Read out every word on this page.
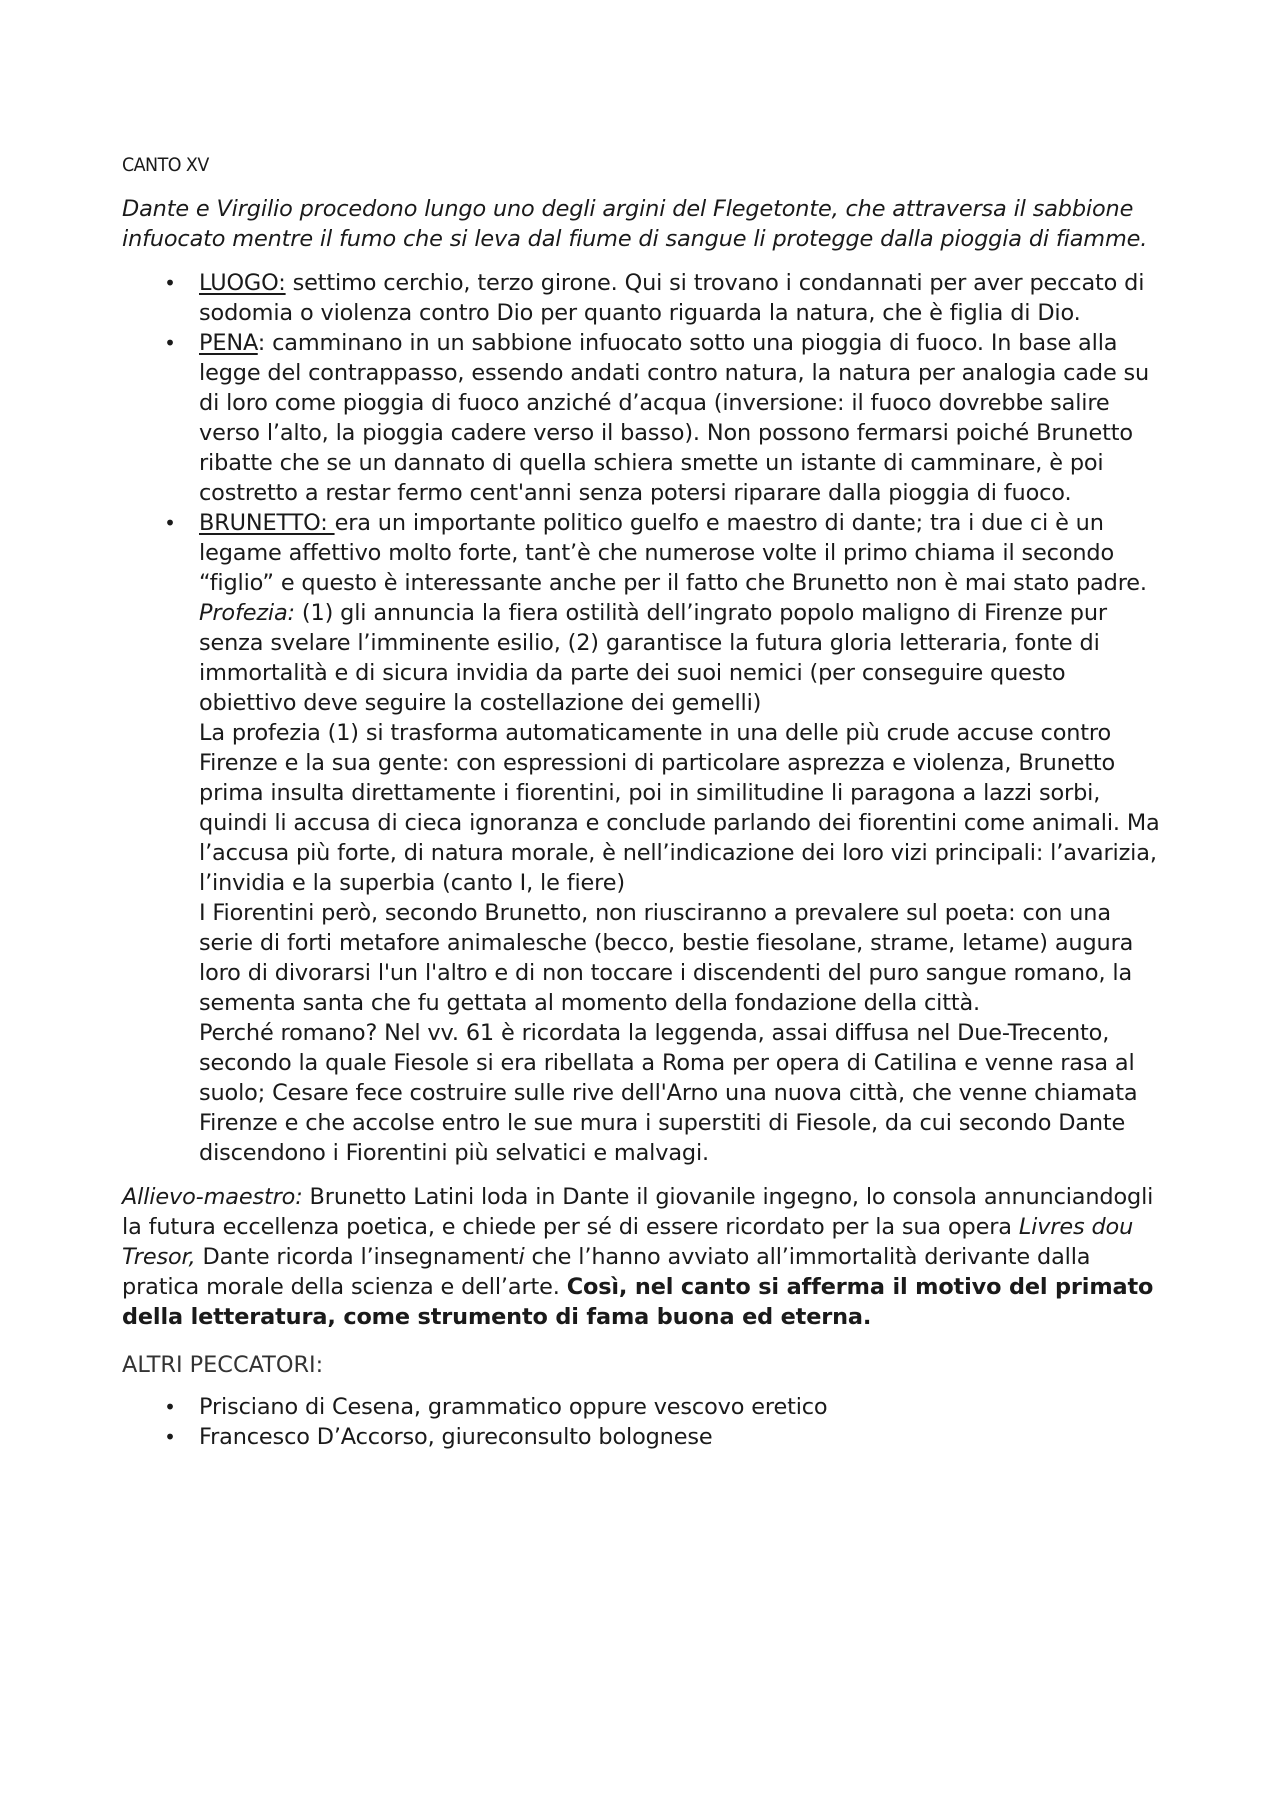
CANTO XV

Dante e Virgilio procedono lungo uno degli argini del Flegetonte, che attraversa il sabbione infuocato mentre il fumo che si leva dal fiume di sangue li protegge dalla pioggia di fiamme.

• LUOGO: settimo cerchio, terzo girone. Qui si trovano i condannati per aver peccato di sodomia o violenza contro Dio per quanto riguarda la natura, che è figlia di Dio.
• PENA: camminano in un sabbione infuocato sotto una pioggia di fuoco. In base alla legge del contrappasso, essendo andati contro natura, la natura per analogia cade su di loro come pioggia di fuoco anziché d’acqua (inversione: il fuoco dovrebbe salire verso l’alto, la pioggia cadere verso il basso). Non possono fermarsi poiché Brunetto ribatte che se un dannato di quella schiera smette un istante di camminare, è poi costretto a restar fermo cent'anni senza potersi riparare dalla pioggia di fuoco.
• BRUNETTO: era un importante politico guelfo e maestro di dante; tra i due ci è un legame affettivo molto forte, tant’è che numerose volte il primo chiama il secondo “figlio” e questo è interessante anche per il fatto che Brunetto non è mai stato padre.
Profezia: (1) gli annuncia la fiera ostilità dell’ingrato popolo maligno di Firenze pur senza svelare l’imminente esilio, (2) garantisce la futura gloria letteraria, fonte di immortalità e di sicura invidia da parte dei suoi nemici (per conseguire questo obiettivo deve seguire la costellazione dei gemelli)
La profezia (1) si trasforma automaticamente in una delle più crude accuse contro Firenze e la sua gente: con espressioni di particolare asprezza e violenza, Brunetto prima insulta direttamente i fiorentini, poi in similitudine li paragona a lazzi sorbi, quindi li accusa di cieca ignoranza e conclude parlando dei fiorentini come animali. Ma l’accusa più forte, di natura morale, è nell’indicazione dei loro vizi principali: l’avarizia, l’invidia e la superbia (canto I, le fiere)
I Fiorentini però, secondo Brunetto, non riusciranno a prevalere sul poeta: con una serie di forti metafore animalesche (becco, bestie fiesolane, strame, letame) augura loro di divorarsi l'un l'altro e di non toccare i discendenti del puro sangue romano, la sementa santa che fu gettata al momento della fondazione della città.
Perché romano? Nel vv. 61 è ricordata la leggenda, assai diffusa nel Due-Trecento, secondo la quale Fiesole si era ribellata a Roma per opera di Catilina e venne rasa al suolo; Cesare fece costruire sulle rive dell'Arno una nuova città, che venne chiamata Firenze e che accolse entro le sue mura i superstiti di Fiesole, da cui secondo Dante discendono i Fiorentini più selvatici e malvagi.

Allievo-maestro: Brunetto Latini loda in Dante il giovanile ingegno, lo consola annunciandogli la futura eccellenza poetica, e chiede per sé di essere ricordato per la sua opera Livres dou Tresor, Dante ricorda l’insegnamenti che l’hanno avviato all’immortalità derivante dalla pratica morale della scienza e dell’arte. Così, nel canto si afferma il motivo del primato della letteratura, come strumento di fama buona ed eterna.

ALTRI PECCATORI:
• Prisciano di Cesena, grammatico oppure vescovo eretico
• Francesco D’Accorso, giureconsulto bolognese
